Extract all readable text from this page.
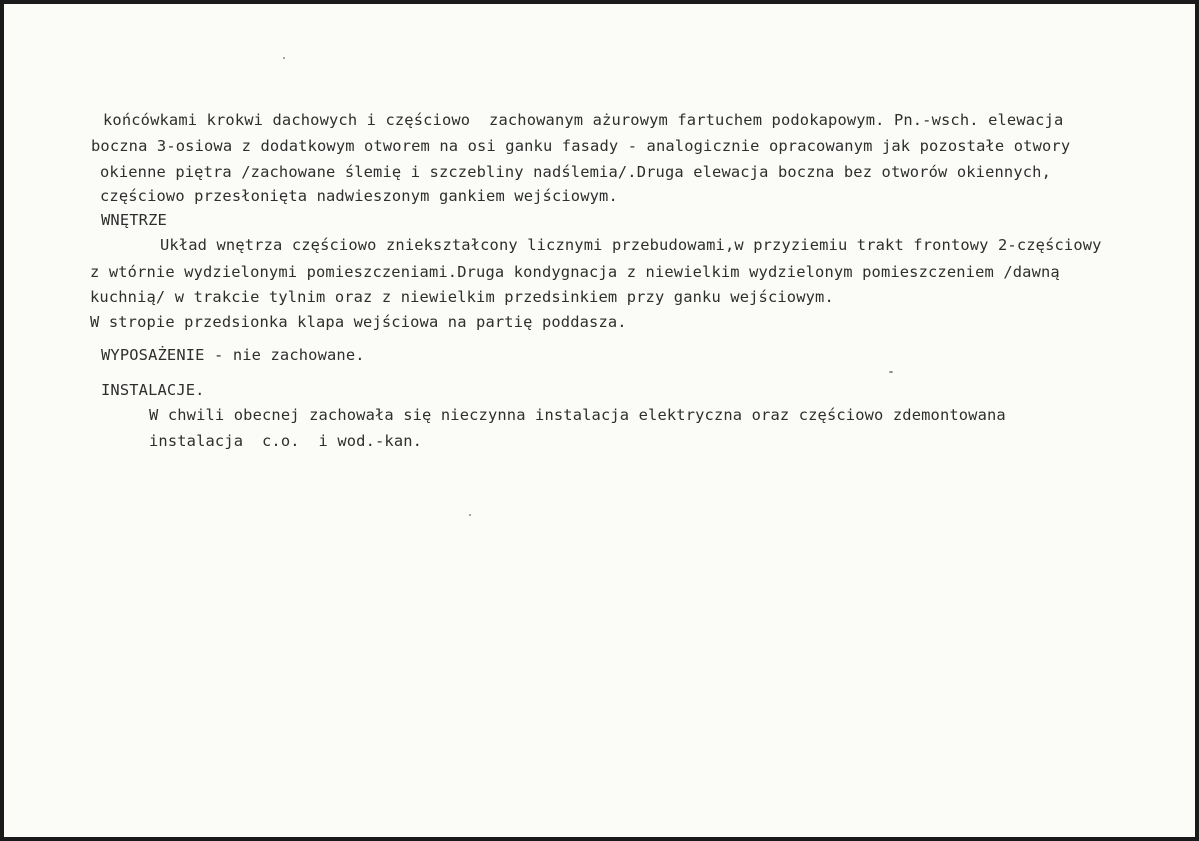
końcówkami krokwi dachowych i częściowo  zachowanym ażurowym fartuchem podokapowym. Pn.-wsch. elewacja
boczna 3-osiowa z dodatkowym otworem na osi ganku fasady - analogicznie opracowanym jak pozostałe otwory
okienne piętra /zachowane ślemię i szczebliny nadślemia/.Druga elewacja boczna bez otworów okiennych,
częściowo przesłonięta nadwieszonym gankiem wejściowym.
WNĘTRZE
Układ wnętrza częściowo zniekształcony licznymi przebudowami,w przyziemiu trakt frontowy 2-częściowy
z wtórnie wydzielonymi pomieszczeniami.Druga kondygnacja z niewielkim wydzielonym pomieszczeniem /dawną
kuchnią/ w trakcie tylnim oraz z niewielkim przedsinkiem przy ganku wejściowym.
W stropie przedsionka klapa wejściowa na partię poddasza.
WYPOSAŻENIE - nie zachowane.
INSTALACJE.
W chwili obecnej zachowała się nieczynna instalacja elektryczna oraz częściowo zdemontowana
instalacja  c.o.  i wod.-kan.
